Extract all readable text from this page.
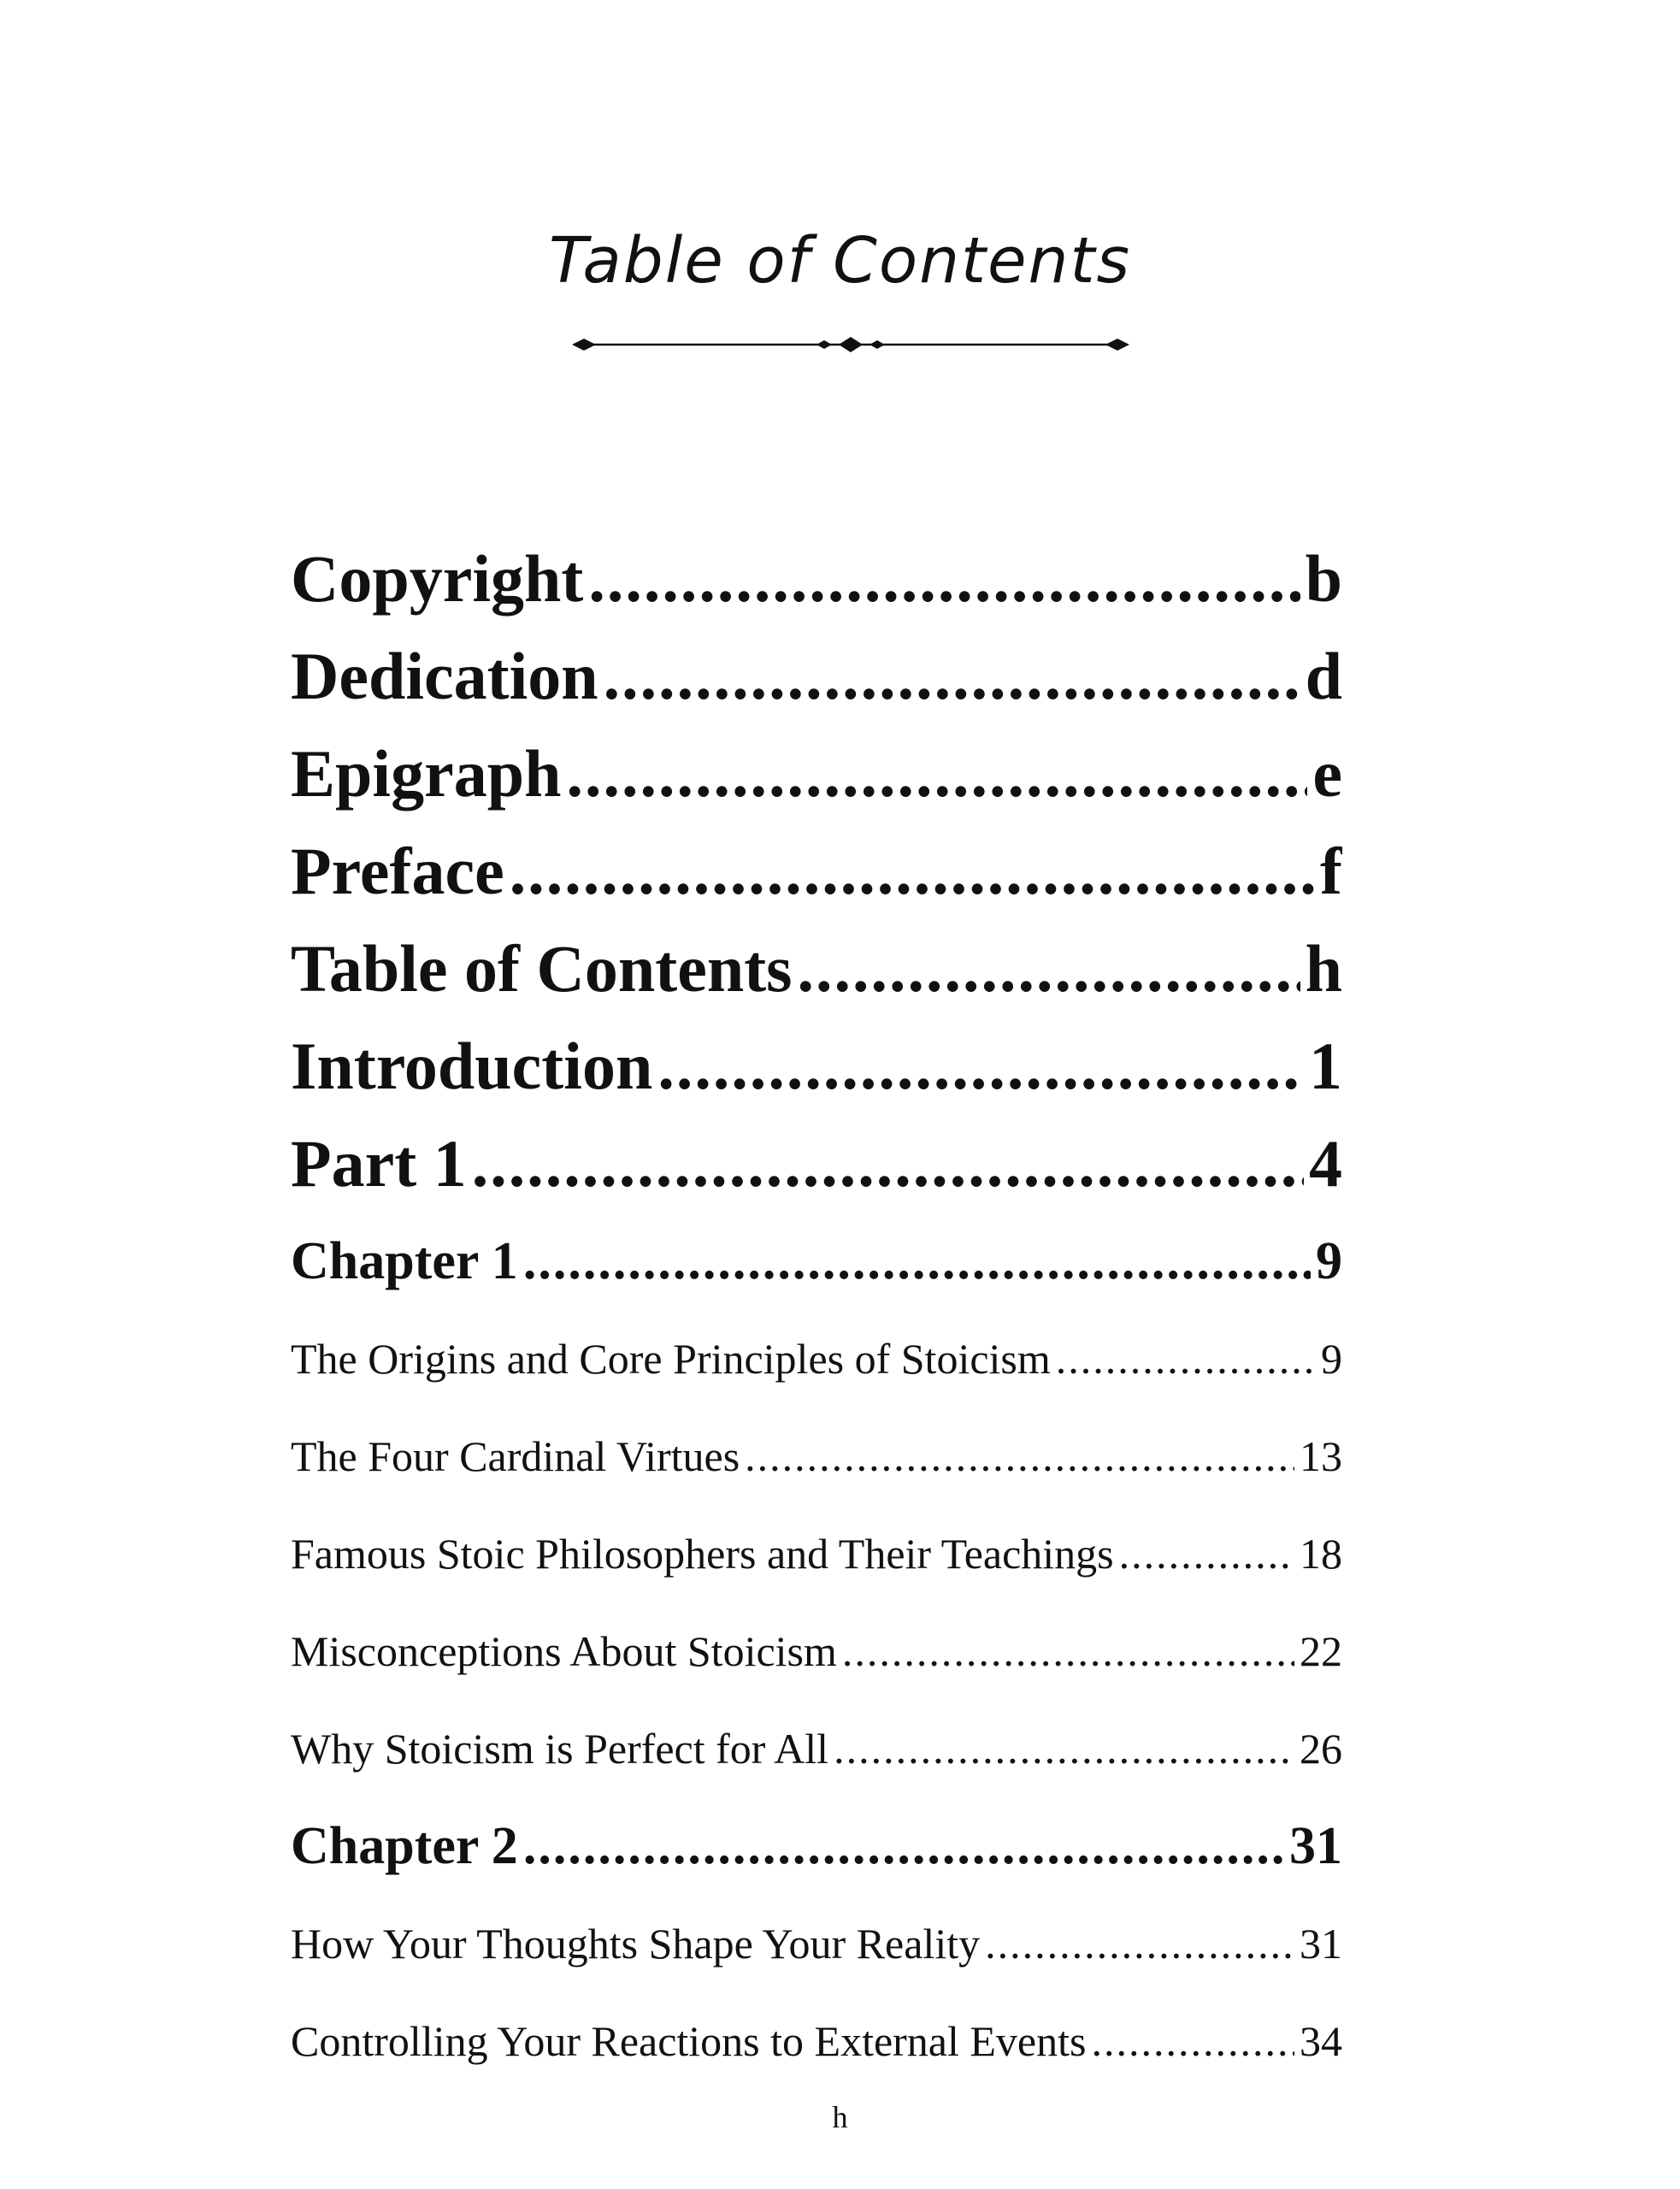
Table of Contents
Copyright .....	b
Dedication .....	d
Epigraph .....	e
Preface .....	f
Table of Contents .....	h
Introduction .....	1
Part 1 .....	4
Chapter 1 .....	9
The Origins and Core Principles of Stoicism .....	9
The Four Cardinal Virtues .....	13
Famous Stoic Philosophers and Their Teachings .....	18
Misconceptions About Stoicism .....	22
Why Stoicism is Perfect for All .....	26
Chapter 2 .....	31
How Your Thoughts Shape Your Reality .....	31
Controlling Your Reactions to External Events .....	34
h
